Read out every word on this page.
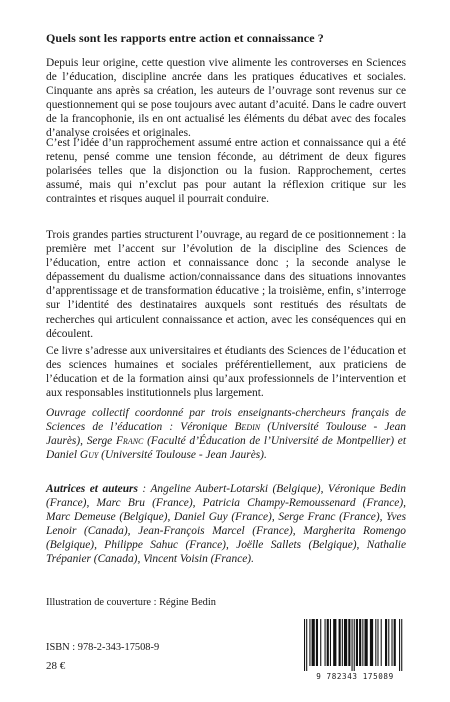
Quels sont les rapports entre action et connaissance ?

Depuis leur origine, cette question vive alimente les controverses en Sciences de l’éducation, discipline ancrée dans les pratiques éducatives et sociales. Cinquante ans après sa création, les auteurs de l’ouvrage sont revenus sur ce questionnement qui se pose toujours avec autant d’acuité. Dans le cadre ouvert de la francophonie, ils en ont actualisé les éléments du débat avec des focales d’analyse croisées et originales.

C’est l’idée d’un rapprochement assumé entre action et connaissance qui a été retenu, pensé comme une tension féconde, au détriment de deux figures polarisées telles que la disjonction ou la fusion. Rapprochement, certes assumé, mais qui n’exclut pas pour autant la réflexion critique sur les contraintes et risques auquel il pourrait conduire.

Trois grandes parties structurent l’ouvrage, au regard de ce positionnement : la première met l’accent sur l’évolution de la discipline des Sciences de l’éducation, entre action et connaissance donc ; la seconde analyse le dépassement du dualisme action/connaissance dans des situations innovantes d’apprentissage et de transformation éducative ; la troisième, enfin, s’interroge sur l’identité des destinataires auxquels sont restitués des résultats de recherches qui articulent connaissance et action, avec les conséquences qui en découlent.

Ce livre s’adresse aux universitaires et étudiants des Sciences de l’éducation et des sciences humaines et sociales préférentiellement, aux praticiens de l’éducation et de la formation ainsi qu’aux professionnels de l’intervention et aux responsables institutionnels plus largement.

Ouvrage collectif coordonné par trois enseignants-chercheurs français de Sciences de l’éducation : Véronique Bedin (Université Toulouse - Jean Jaurès), Serge Franc (Faculté d’Éducation de l’Université de Montpellier) et Daniel Guy (Université Toulouse - Jean Jaurès).

Autrices et auteurs : Angeline Aubert-Lotarski (Belgique), Véronique Bedin (France), Marc Bru (France), Patricia Champy-Remoussenard (France), Marc Demeuse (Belgique), Daniel Guy (France), Serge Franc (France), Yves Lenoir (Canada), Jean-François Marcel (France), Margherita Romengo (Belgique), Philippe Sahuc (France), Joëlle Sallets (Belgique), Nathalie Trépanier (Canada), Vincent Voisin (France).

Illustration de couverture : Régine Bedin
ISBN : 978-2-343-17508-9
28 €
9 782343 175089
